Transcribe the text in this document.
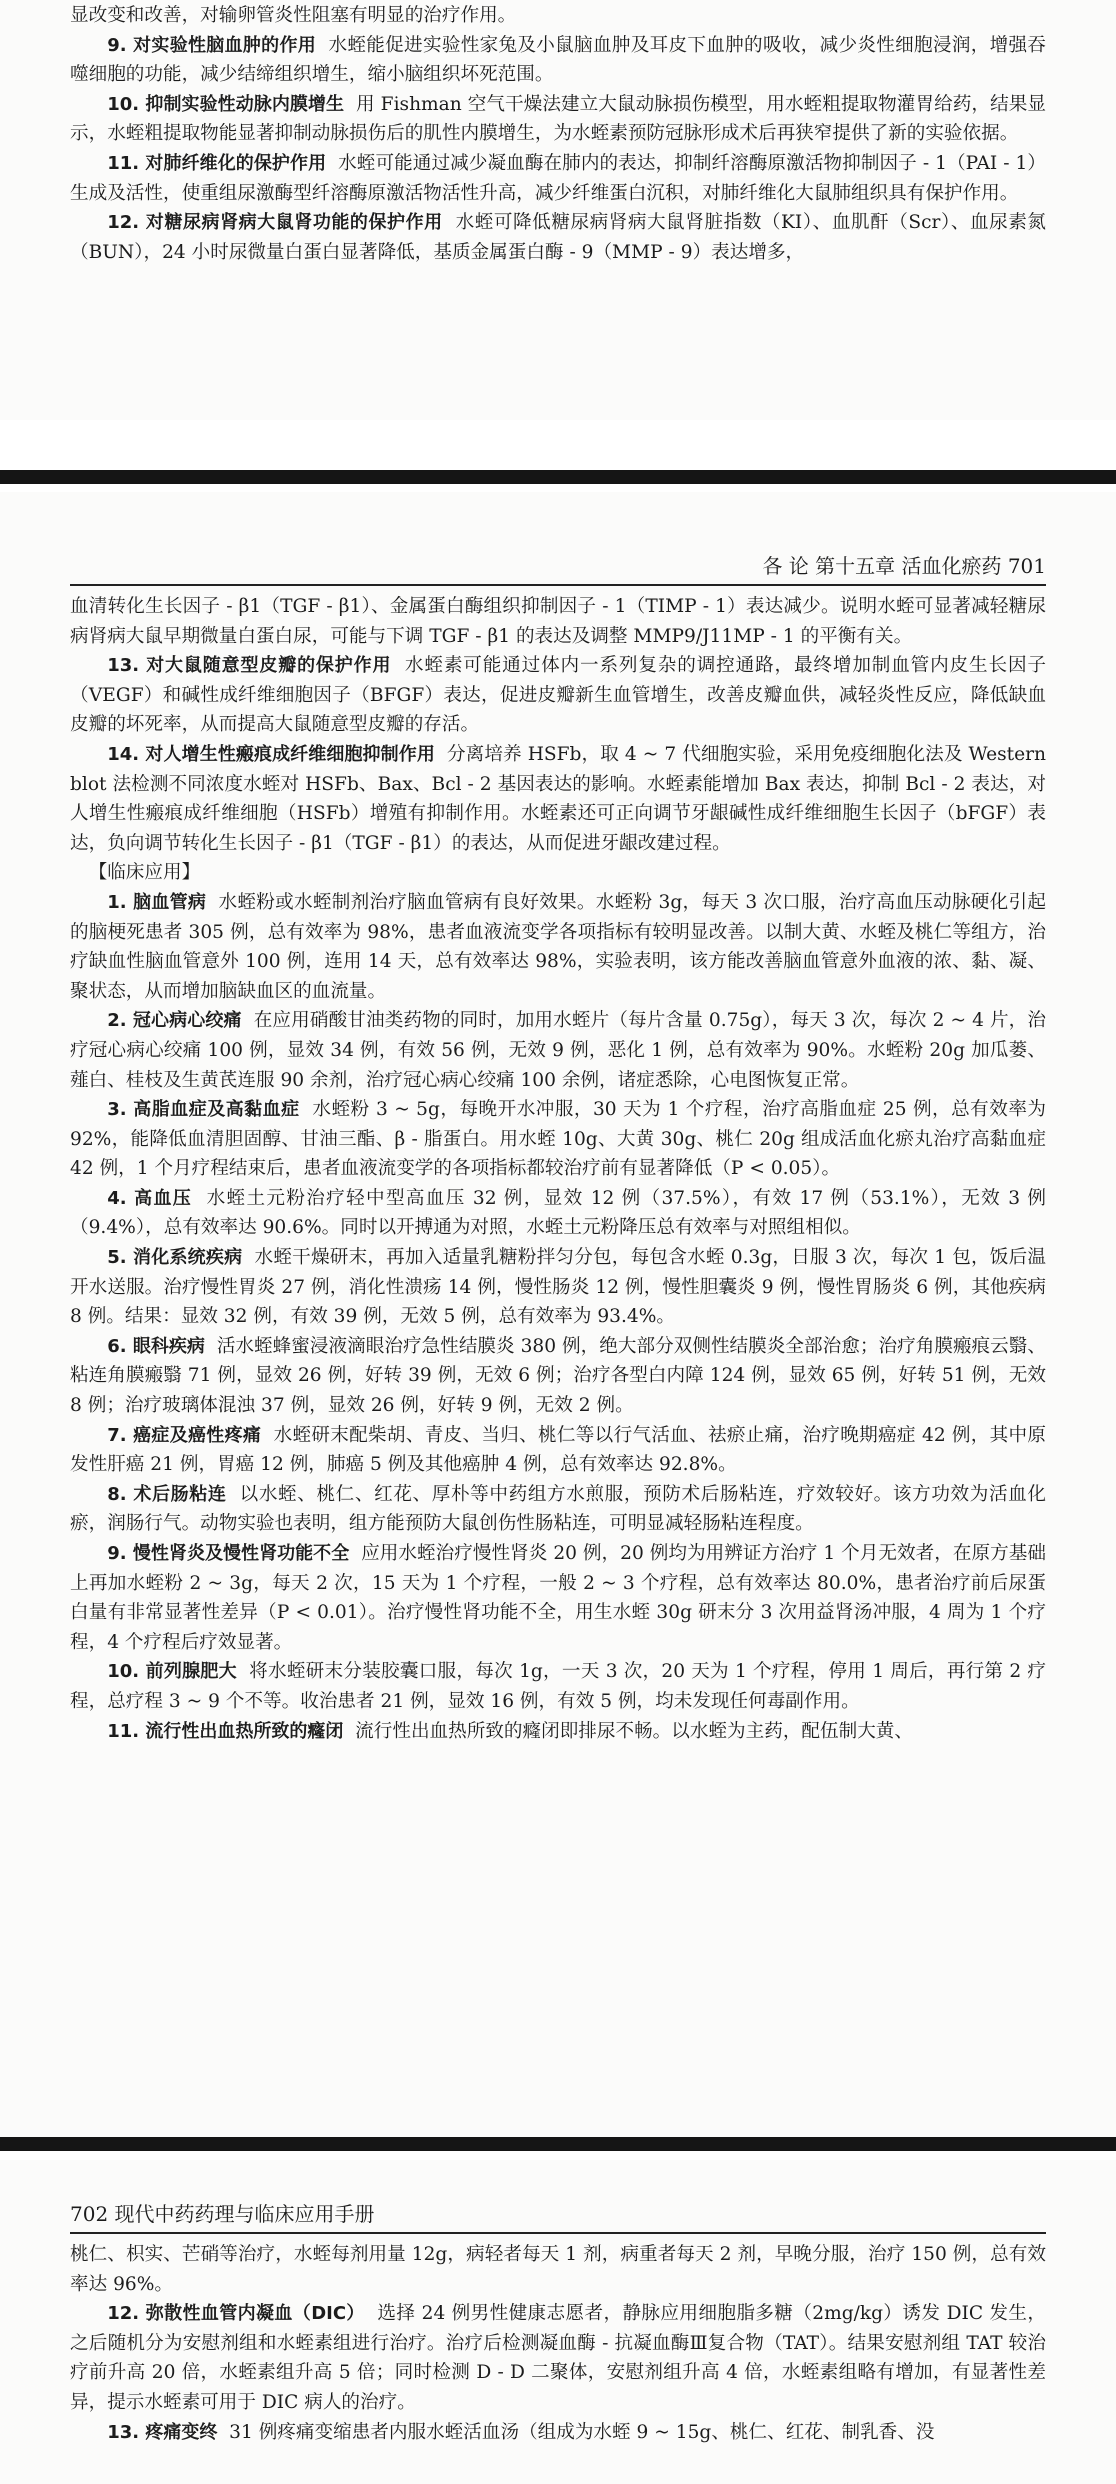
显改变和改善，对输卵管炎性阻塞有明显的治疗作用。

9. 对实验性脑血肿的作用 水蛭能促进实验性家兔及小鼠脑血肿及耳皮下血肿的吸收，减少炎性细胞浸润，增强吞噬细胞的功能，减少结缔组织增生，缩小脑组织坏死范围。

10. 抑制实验性动脉内膜增生 用 Fishman 空气干燥法建立大鼠动脉损伤模型，用水蛭粗提取物灌胃给药，结果显示，水蛭粗提取物能显著抑制动脉损伤后的肌性内膜增生，为水蛭素预防冠脉形成术后再狭窄提供了新的实验依据。

11. 对肺纤维化的保护作用 水蛭可能通过减少凝血酶在肺内的表达，抑制纤溶酶原激活物抑制因子 - 1（PAI - 1）生成及活性，使重组尿激酶型纤溶酶原激活物活性升高，减少纤维蛋白沉积，对肺纤维化大鼠肺组织具有保护作用。

12. 对糖尿病肾病大鼠肾功能的保护作用 水蛭可降低糖尿病肾病大鼠肾脏指数（KI）、血肌酐（Scr）、血尿素氮（BUN），24 小时尿微量白蛋白显著降低，基质金属蛋白酶 - 9（MMP - 9）表达增多，

各 论 第十五章 活血化瘀药 701

血清转化生长因子 - β1（TGF - β1）、金属蛋白酶组织抑制因子 - 1（TIMP - 1）表达减少。说明水蛭可显著减轻糖尿病肾病大鼠早期微量白蛋白尿，可能与下调 TGF - β1 的表达及调整 MMP9/J11MP - 1 的平衡有关。

13. 对大鼠随意型皮瓣的保护作用 水蛭素可能通过体内一系列复杂的调控通路，最终增加制血管内皮生长因子（VEGF）和碱性成纤维细胞因子（BFGF）表达，促进皮瓣新生血管增生，改善皮瓣血供，减轻炎性反应，降低缺血皮瓣的坏死率，从而提高大鼠随意型皮瓣的存活。

14. 对人增生性瘢痕成纤维细胞抑制作用 分离培养 HSFb，取 4 ~ 7 代细胞实验，采用免疫细胞化法及 Western blot 法检测不同浓度水蛭对 HSFb、Bax、Bcl - 2 基因表达的影响。水蛭素能增加 Bax 表达，抑制 Bcl - 2 表达，对人增生性瘢痕成纤维细胞（HSFb）增殖有抑制作用。水蛭素还可正向调节牙龈碱性成纤维细胞生长因子（bFGF）表达，负向调节转化生长因子 - β1（TGF - β1）的表达，从而促进牙龈改建过程。

【临床应用】

1. 脑血管病 水蛭粉或水蛭制剂治疗脑血管病有良好效果。水蛭粉 3g，每天 3 次口服，治疗高血压动脉硬化引起的脑梗死患者 305 例，总有效率为 98%，患者血液流变学各项指标有较明显改善。以制大黄、水蛭及桃仁等组方，治疗缺血性脑血管意外 100 例，连用 14 天，总有效率达 98%，实验表明，该方能改善脑血管意外血液的浓、黏、凝、聚状态，从而增加脑缺血区的血流量。

2. 冠心病心绞痛 在应用硝酸甘油类药物的同时，加用水蛭片（每片含量 0.75g），每天 3 次，每次 2 ~ 4 片，治疗冠心病心绞痛 100 例，显效 34 例，有效 56 例，无效 9 例，恶化 1 例，总有效率为 90%。水蛭粉 20g 加瓜蒌、薤白、桂枝及生黄芪连服 90 余剂，治疗冠心病心绞痛 100 余例，诸症悉除，心电图恢复正常。

3. 高脂血症及高黏血症 水蛭粉 3 ~ 5g，每晚开水冲服，30 天为 1 个疗程，治疗高脂血症 25 例，总有效率为 92%，能降低血清胆固醇、甘油三酯、β - 脂蛋白。用水蛭 10g、大黄 30g、桃仁 20g 组成活血化瘀丸治疗高黏血症 42 例，1 个月疗程结束后，患者血液流变学的各项指标都较治疗前有显著降低（P < 0.05）。

4. 高血压 水蛭土元粉治疗轻中型高血压 32 例，显效 12 例（37.5%），有效 17 例（53.1%），无效 3 例（9.4%），总有效率达 90.6%。同时以开搏通为对照，水蛭土元粉降压总有效率与对照组相似。

5. 消化系统疾病 水蛭干燥研末，再加入适量乳糖粉拌匀分包，每包含水蛭 0.3g，日服 3 次，每次 1 包，饭后温开水送服。治疗慢性胃炎 27 例，消化性溃疡 14 例，慢性肠炎 12 例，慢性胆囊炎 9 例，慢性胃肠炎 6 例，其他疾病 8 例。结果：显效 32 例，有效 39 例，无效 5 例，总有效率为 93.4%。

6. 眼科疾病 活水蛭蜂蜜浸液滴眼治疗急性结膜炎 380 例，绝大部分双侧性结膜炎全部治愈；治疗角膜瘢痕云翳、粘连角膜瘢翳 71 例，显效 26 例，好转 39 例，无效 6 例；治疗各型白内障 124 例，显效 65 例，好转 51 例，无效 8 例；治疗玻璃体混浊 37 例，显效 26 例，好转 9 例，无效 2 例。

7. 癌症及癌性疼痛 水蛭研末配柴胡、青皮、当归、桃仁等以行气活血、祛瘀止痛，治疗晚期癌症 42 例，其中原发性肝癌 21 例，胃癌 12 例，肺癌 5 例及其他癌肿 4 例，总有效率达 92.8%。

8. 术后肠粘连 以水蛭、桃仁、红花、厚朴等中药组方水煎服，预防术后肠粘连，疗效较好。该方功效为活血化瘀，润肠行气。动物实验也表明，组方能预防大鼠创伤性肠粘连，可明显减轻肠粘连程度。

9. 慢性肾炎及慢性肾功能不全 应用水蛭治疗慢性肾炎 20 例，20 例均为用辨证方治疗 1 个月无效者，在原方基础上再加水蛭粉 2 ~ 3g，每天 2 次，15 天为 1 个疗程，一般 2 ~ 3 个疗程，总有效率达 80.0%，患者治疗前后尿蛋白量有非常显著性差异（P < 0.01）。治疗慢性肾功能不全，用生水蛭 30g 研末分 3 次用益肾汤冲服，4 周为 1 个疗程，4 个疗程后疗效显著。

10. 前列腺肥大 将水蛭研末分装胶囊口服，每次 1g，一天 3 次，20 天为 1 个疗程，停用 1 周后，再行第 2 疗程，总疗程 3 ~ 9 个不等。收治患者 21 例，显效 16 例，有效 5 例，均未发现任何毒副作用。

11. 流行性出血热所致的癃闭 流行性出血热所致的癃闭即排尿不畅。以水蛭为主药，配伍制大黄、

702 现代中药药理与临床应用手册

桃仁、枳实、芒硝等治疗，水蛭每剂用量 12g，病轻者每天 1 剂，病重者每天 2 剂，早晚分服，治疗 150 例，总有效率达 96%。

12. 弥散性血管内凝血（DIC） 选择 24 例男性健康志愿者，静脉应用细胞脂多糖（2mg/kg）诱发 DIC 发生，之后随机分为安慰剂组和水蛭素组进行治疗。治疗后检测凝血酶 - 抗凝血酶Ⅲ复合物（TAT）。结果安慰剂组 TAT 较治疗前升高 20 倍，水蛭素组升高 5 倍；同时检测 D - D 二聚体，安慰剂组升高 4 倍，水蛭素组略有增加，有显著性差异，提示水蛭素可用于 DIC 病人的治疗。

13. 疼痛变终 31 例疼痛变缩患者内服水蛭活血汤（组成为水蛭 9 ~ 15g、桃仁、红花、制乳香、没
